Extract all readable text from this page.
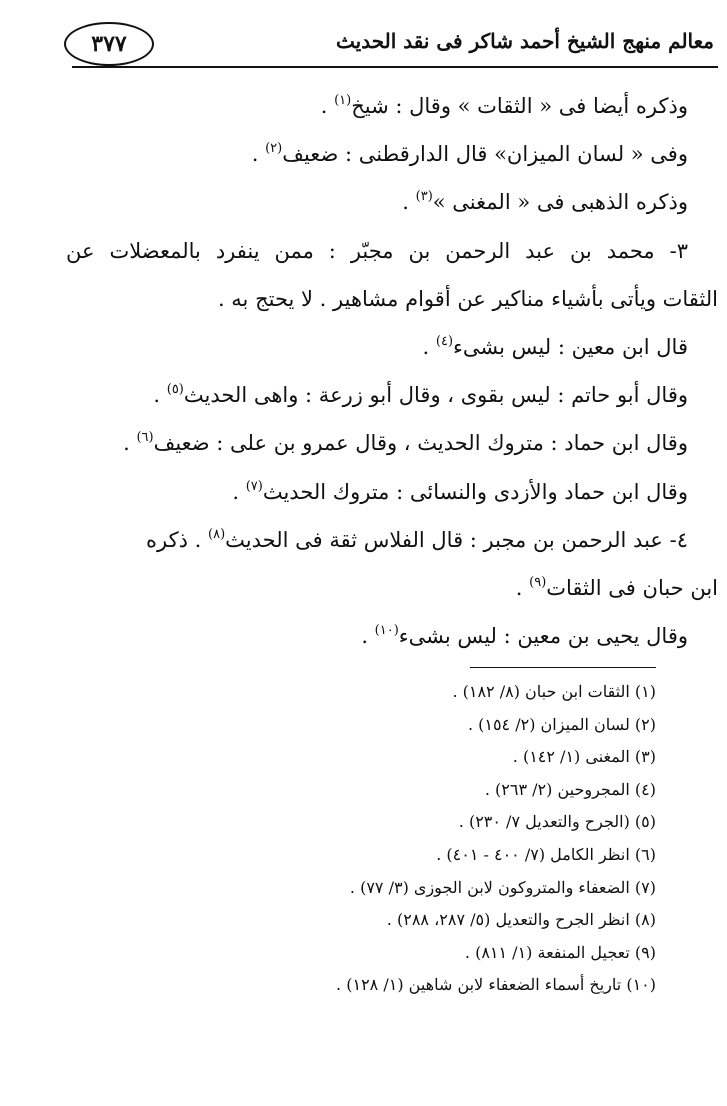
٣٧٧	معالم منهج الشيخ أحمد شاكر فى نقد الحديث
وذكره أيضا فى « الثقات » وقال : شيخ$^{(١)}$ .
وفى « لسان الميزان» قال الدارقطنى : ضعيف$^{(٢)}$ .
وذكره الذهبى فى « المغنى »$^{(٣)}$ .
٣- محمد بن عبد الرحمن بن مجبّر : ممن ينفرد بالمعضلات عن
الثقات ويأتى بأشياء مناكير عن أقوام مشاهير . لا يحتج به .
قال ابن معين : ليس بشىء$^{(٤)}$ .
وقال أبو حاتم : ليس بقوى ، وقال أبو زرعة : واهى الحديث$^{(٥)}$ .
وقال ابن حماد : متروك الحديث ، وقال عمرو بن على : ضعيف$^{(٦)}$ .
وقال ابن حماد والأزدى والنسائى : متروك الحديث$^{(٧)}$ .
٤- عبد الرحمن بن مجبر : قال الفلاس ثقة فى الحديث$^{(٨)}$ . ذكره
ابن حبان فى الثقات$^{(٩)}$ .
وقال يحيى بن معين : ليس بشىء$^{(١٠)}$ .
(١) الثقات ابن حبان (٨/ ١٨٢) .
(٢) لسان الميزان (٢/ ١٥٤) .
(٣) المغنى (١/ ١٤٢) .
(٤) المجروحين (٢/ ٢٦٣) .
(٥) (الجرح والتعديل ٧/ ٢٣٠) .
(٦) انظر الكامل (٧/ ٤٠٠ - ٤٠١) .
(٧) الضعفاء والمتروكون لابن الجوزى (٣/ ٧٧) .
(٨) انظر الجرح والتعديل (٥/ ٢٨٧، ٢٨٨) .
(٩) تعجيل المنفعة (١/ ٨١١) .
(١٠) تاريخ أسماء الضعفاء لابن شاهين (١/ ١٢٨) .
